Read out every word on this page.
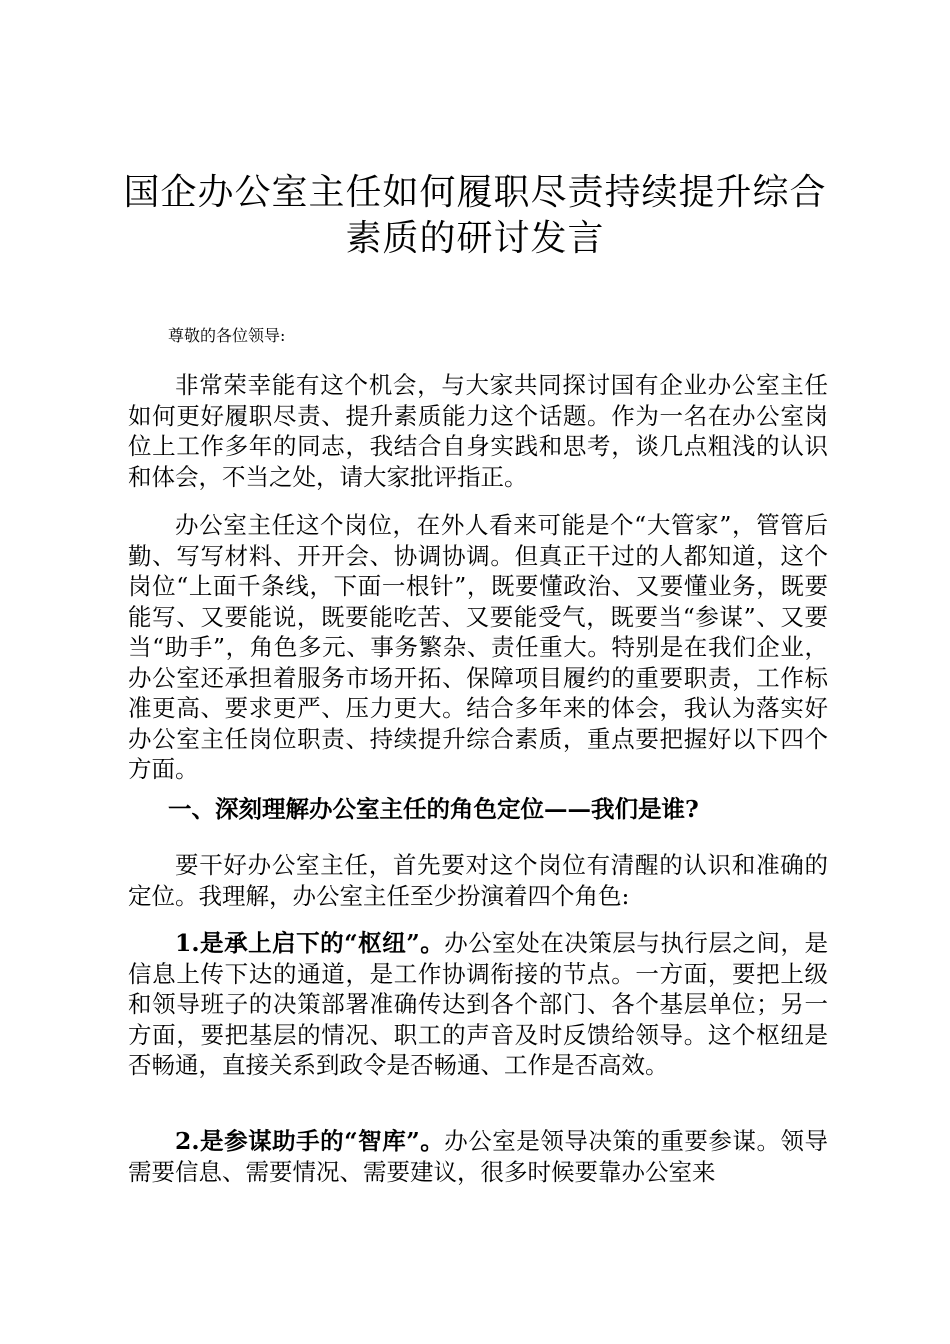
国企办公室主任如何履职尽责持续提升综合素质的研讨发言

尊敬的各位领导:

非常荣幸能有这个机会，与大家共同探讨国有企业办公室主任如何更好履职尽责、提升素质能力这个话题。作为一名在办公室岗位上工作多年的同志，我结合自身实践和思考，谈几点粗浅的认识和体会，不当之处，请大家批评指正。

办公室主任这个岗位，在外人看来可能是个“大管家”，管管后勤、写写材料、开开会、协调协调。但真正干过的人都知道，这个岗位“上面千条线，下面一根针”，既要懂政治、又要懂业务，既要能写、又要能说，既要能吃苦、又要能受气，既要当“参谋”、又要当“助手”，角色多元、事务繁杂、责任重大。特别是在我们企业，办公室还承担着服务市场开拓、保障项目履约的重要职责，工作标准更高、要求更严、压力更大。结合多年来的体会，我认为落实好办公室主任岗位职责、持续提升综合素质，重点要把握好以下四个方面。

一、深刻理解办公室主任的角色定位——我们是谁?

要干好办公室主任，首先要对这个岗位有清醒的认识和准确的定位。我理解，办公室主任至少扮演着四个角色:

1.是承上启下的“枢纽”。办公室处在决策层与执行层之间，是信息上传下达的通道，是工作协调衔接的节点。一方面，要把上级和领导班子的决策部署准确传达到各个部门、各个基层单位；另一方面，要把基层的情况、职工的声音及时反馈给领导。这个枢纽是否畅通，直接关系到政令是否畅通、工作是否高效。

2.是参谋助手的“智库”。办公室是领导决策的重要参谋。领导需要信息、需要情况、需要建议，很多时候要靠办公室来
